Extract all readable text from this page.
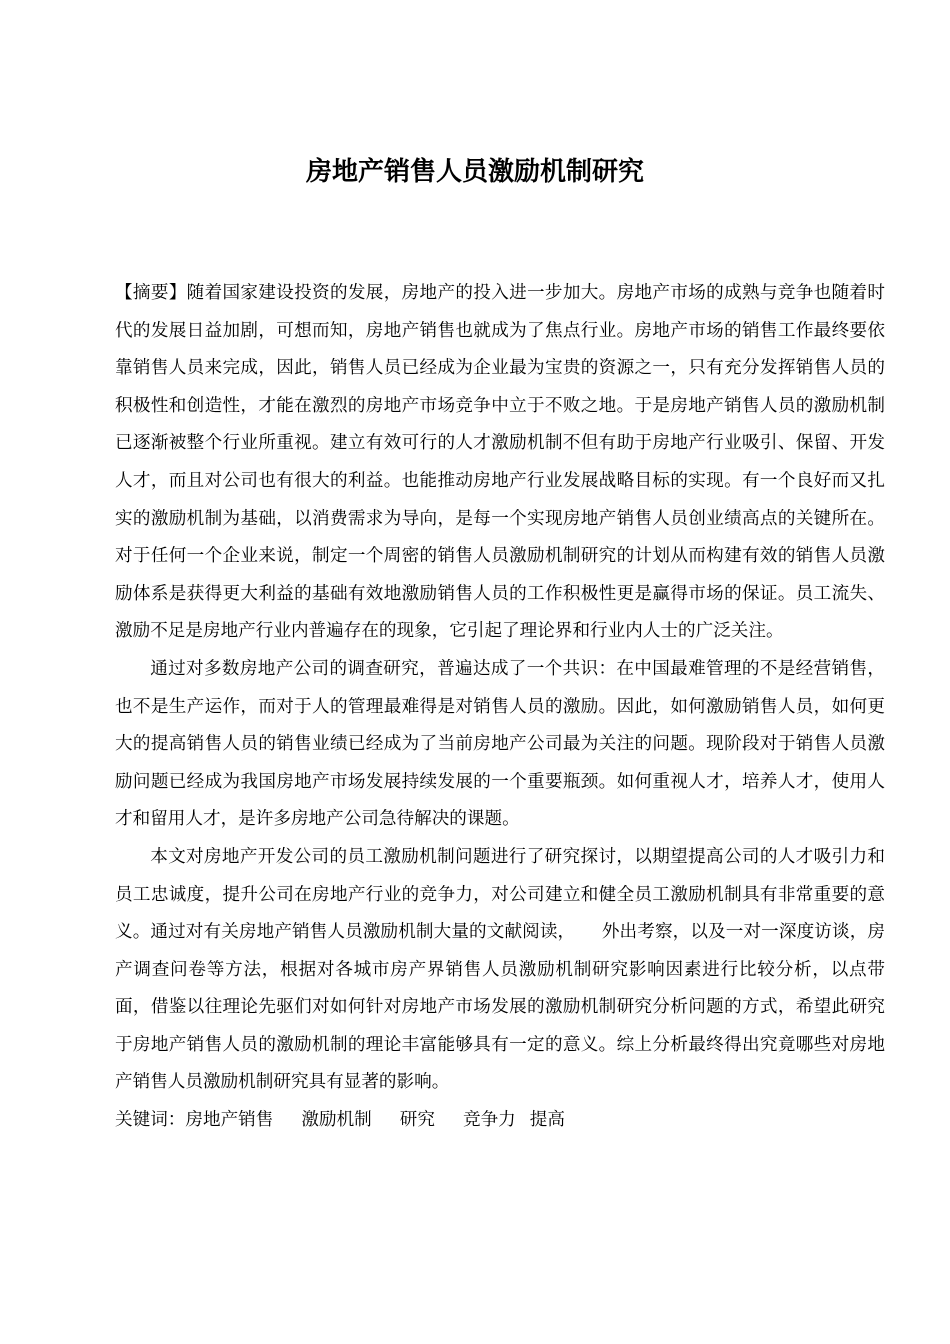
房地产销售人员激励机制研究

【摘要】随着国家建设投资的发展，房地产的投入进一步加大。房地产市场的成熟与竞争也随着时代的发展日益加剧，可想而知，房地产销售也就成为了焦点行业。房地产市场的销售工作最终要依靠销售人员来完成，因此，销售人员已经成为企业最为宝贵的资源之一，只有充分发挥销售人员的积极性和创造性，才能在激烈的房地产市场竞争中立于不败之地。于是房地产销售人员的激励机制已逐渐被整个行业所重视。建立有效可行的人才激励机制不但有助于房地产行业吸引、保留、开发人才，而且对公司也有很大的利益。也能推动房地产行业发展战略目标的实现。有一个良好而又扎实的激励机制为基础，以消费需求为导向，是每一个实现房地产销售人员创业绩高点的关键所在。对于任何一个企业来说，制定一个周密的销售人员激励机制研究的计划从而构建有效的销售人员激励体系是获得更大利益的基础有效地激励销售人员的工作积极性更是赢得市场的保证。员工流失、激励不足是房地产行业内普遍存在的现象，它引起了理论界和行业内人士的广泛关注。

通过对多数房地产公司的调查研究，普遍达成了一个共识：在中国最难管理的不是经营销售，也不是生产运作，而对于人的管理最难得是对销售人员的激励。因此，如何激励销售人员，如何更大的提高销售人员的销售业绩已经成为了当前房地产公司最为关注的问题。现阶段对于销售人员激励问题已经成为我国房地产市场发展持续发展的一个重要瓶颈。如何重视人才，培养人才，使用人才和留用人才，是许多房地产公司急待解决的课题。

本文对房地产开发公司的员工激励机制问题进行了研究探讨，以期望提高公司的人才吸引力和员工忠诚度，提升公司在房地产行业的竞争力，对公司建立和健全员工激励机制具有非常重要的意义。通过对有关房地产销售人员激励机制大量的文献阅读，　　外出考察，以及一对一深度访谈，房产调查问卷等方法，根据对各城市房产界销售人员激励机制研究影响因素进行比较分析，以点带面，借鉴以往理论先驱们对如何针对房地产市场发展的激励机制研究分析问题的方式，希望此研究于房地产销售人员的激励机制的理论丰富能够具有一定的意义。综上分析最终得出究竟哪些对房地产销售人员激励机制研究具有显著的影响。

关键词：房地产销售 激励机制 研究 竞争力 提高
